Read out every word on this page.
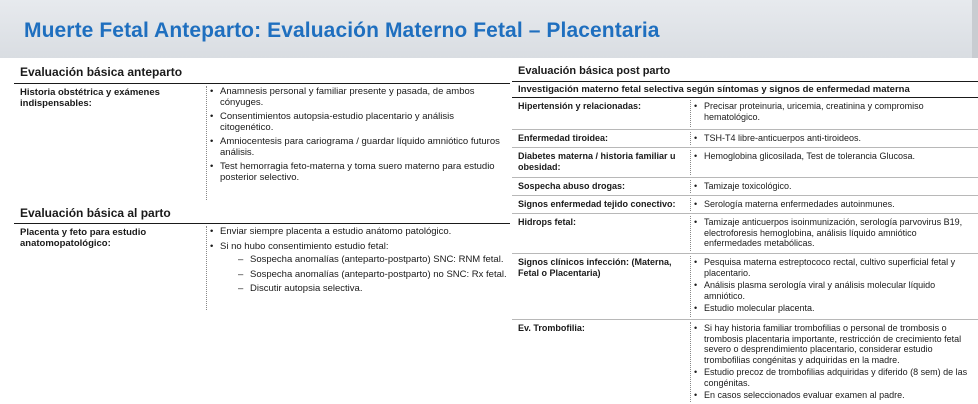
Muerte Fetal Anteparto: Evaluación Materno Fetal – Placentaria
Evaluación básica anteparto
Historia obstétrica y exámenes indispensables:
• Anamnesis personal y familiar presente y pasada, de ambos cónyuges.
• Consentimientos autopsia-estudio placentario y análisis citogenético.
• Amniocentesis para cariograma / guardar líquido amniótico futuros análisis.
• Test hemorragia feto-materna y toma suero materno para estudio posterior selectivo.
Evaluación básica al parto
Placenta y feto para estudio anatomopatológico:
• Enviar siempre placenta a estudio anátomo patológico.
• Si no hubo consentimiento estudio fetal:
– Sospecha anomalías (anteparto-postparto) SNC: RNM fetal.
– Sospecha anomalías (anteparto-postparto) no SNC: Rx fetal.
– Discutir autopsia selectiva.
Evaluación básica post parto
Investigación materno fetal selectiva según síntomas y signos de enfermedad materna
Hipertensión y relacionadas:	• Precisar proteinuria, uricemia, creatinina y compromiso hematológico.
Enfermedad tiroidea:	• TSH-T4 libre-anticuerpos anti-tiroideos.
Diabetes materna / historia familiar u obesidad:
• Hemoglobina glicosilada, Test de tolerancia Glucosa.
Sospecha abuso drogas:	• Tamizaje toxicológico.
Signos enfermedad tejido conectivo:	• Serología materna enfermedades autoinmunes.
Hidrops fetal:	• Tamizaje anticuerpos isoinmunización, serología parvovirus B19, electroforesis hemoglobina, análisis líquido amniótico enfermedades metabólicas.
Signos clínicos infección: (Materna, Fetal o Placentaria)
• Pesquisa materna estreptococo rectal, cultivo superficial fetal y placentario.
• Análisis plasma serología viral y análisis molecular líquido amniótico.
• Estudio molecular placenta.
Ev. Trombofilia:	• Si hay historia familiar trombofilias o personal de trombosis o trombosis placentaria importante, restricción de crecimiento fetal severo o desprendimiento placentario, considerar estudio trombofilias congénitas y adquiridas en la madre.
• Estudio precoz de trombofilias adquiridas y diferido (8 sem) de las congénitas.
• En casos seleccionados evaluar examen al padre.
